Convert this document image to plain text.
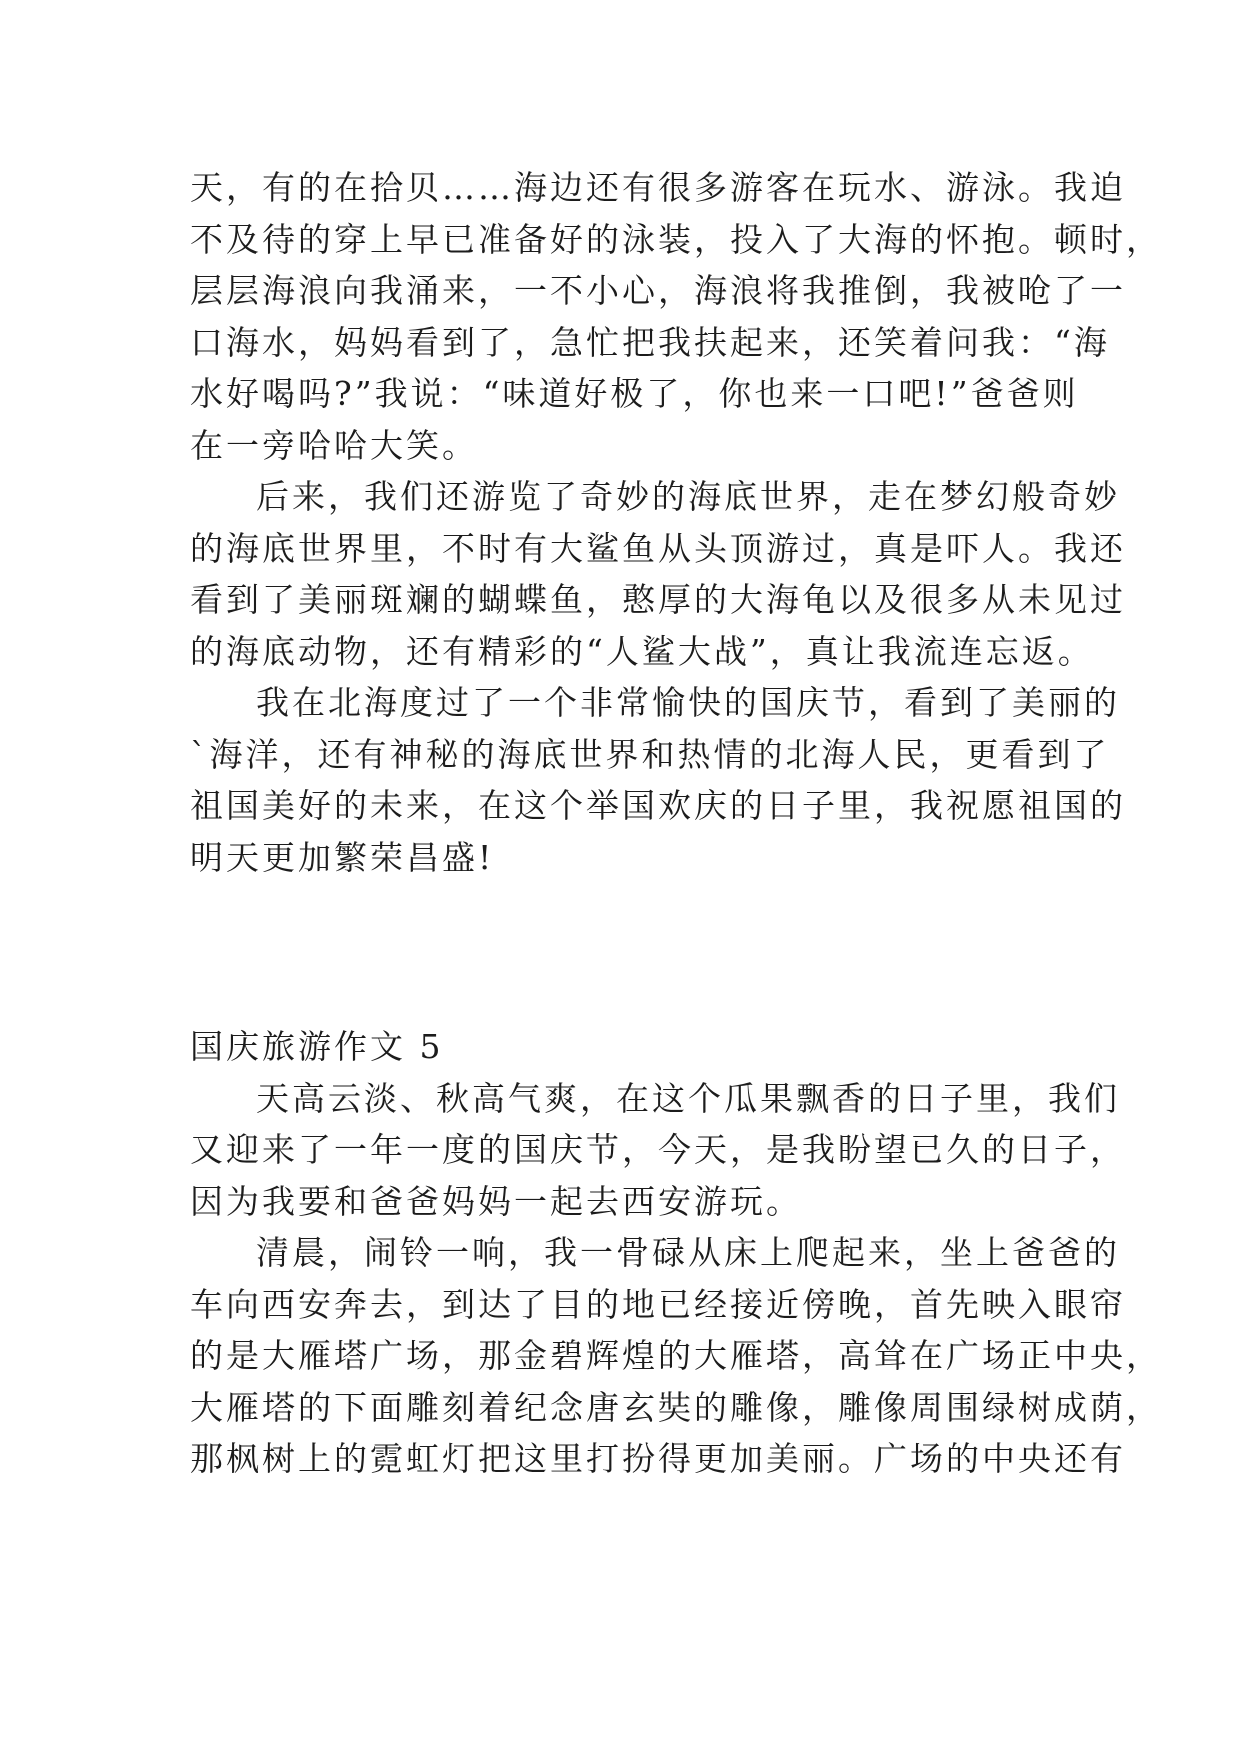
天，有的在拾贝……海边还有很多游客在玩水、游泳。我迫
不及待的穿上早已准备好的泳装，投入了大海的怀抱。顿时，
层层海浪向我涌来，一不小心，海浪将我推倒，我被呛了一
口海水，妈妈看到了，急忙把我扶起来，还笑着问我：“海
水好喝吗?”我说：“味道好极了，你也来一口吧!”爸爸则
在一旁哈哈大笑。
后来，我们还游览了奇妙的海底世界，走在梦幻般奇妙
的海底世界里，不时有大鲨鱼从头顶游过，真是吓人。我还
看到了美丽斑斓的蝴蝶鱼，憨厚的大海龟以及很多从未见过
的海底动物，还有精彩的“人鲨大战”，真让我流连忘返。
我在北海度过了一个非常愉快的国庆节，看到了美丽的
`海洋，还有神秘的海底世界和热情的北海人民，更看到了
祖国美好的未来，在这个举国欢庆的日子里，我祝愿祖国的
明天更加繁荣昌盛!
国庆旅游作文 5
天高云淡、秋高气爽，在这个瓜果飘香的日子里，我们
又迎来了一年一度的国庆节，今天，是我盼望已久的日子，
因为我要和爸爸妈妈一起去西安游玩。
清晨，闹铃一响，我一骨碌从床上爬起来，坐上爸爸的
车向西安奔去，到达了目的地已经接近傍晚，首先映入眼帘
的是大雁塔广场，那金碧辉煌的大雁塔，高耸在广场正中央，
大雁塔的下面雕刻着纪念唐玄奘的雕像，雕像周围绿树成荫，
那枫树上的霓虹灯把这里打扮得更加美丽。广场的中央还有
